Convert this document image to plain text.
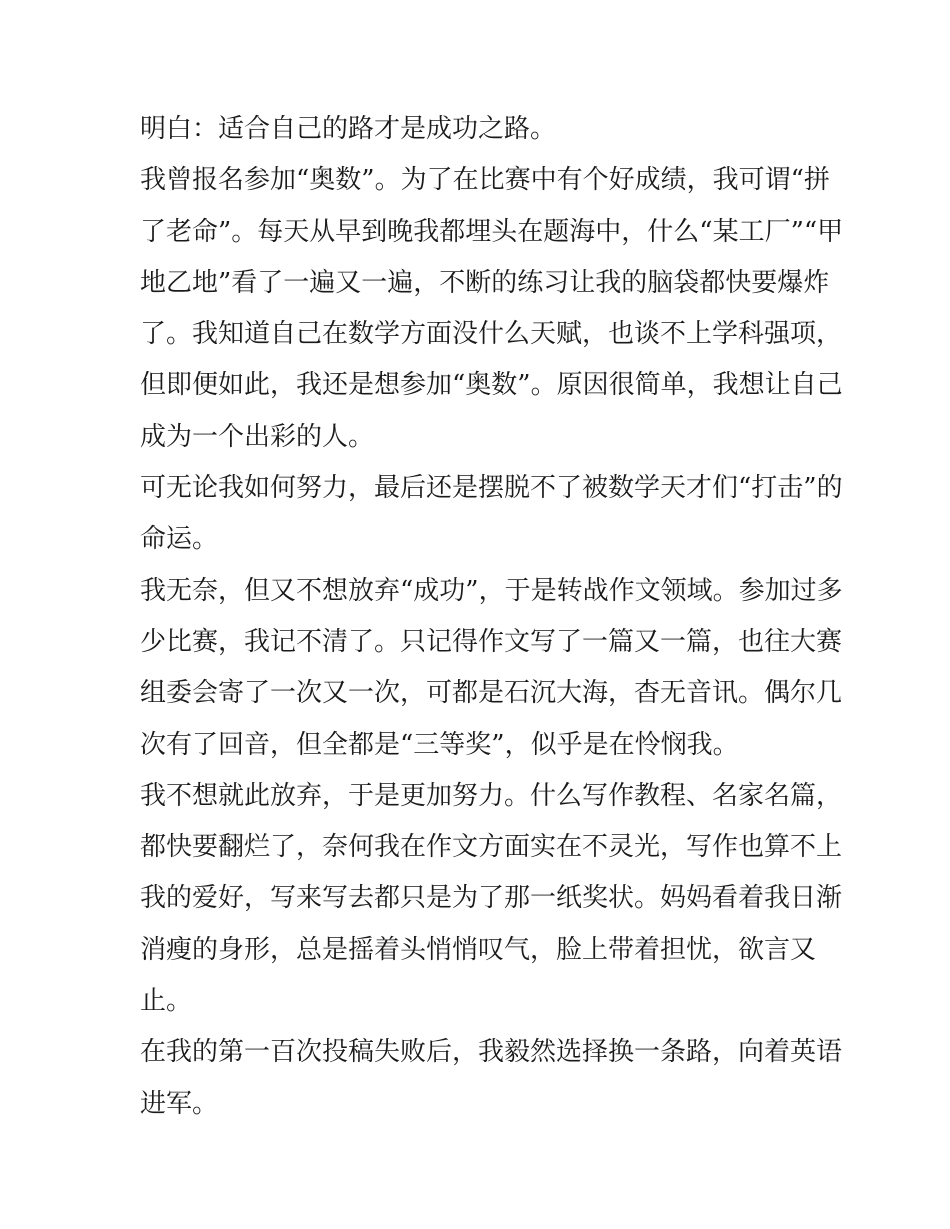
明白：适合自己的路才是成功之路。
我曾报名参加“奥数”。为了在比赛中有个好成绩，我可谓“拼
了老命”。每天从早到晚我都埋头在题海中，什么“某工厂”“甲
地乙地”看了一遍又一遍，不断的练习让我的脑袋都快要爆炸
了。我知道自己在数学方面没什么天赋，也谈不上学科强项，
但即便如此，我还是想参加“奥数”。原因很简单，我想让自己
成为一个出彩的人。
可无论我如何努力，最后还是摆脱不了被数学天才们“打击”的
命运。
我无奈，但又不想放弃“成功”，于是转战作文领域。参加过多
少比赛，我记不清了。只记得作文写了一篇又一篇，也往大赛
组委会寄了一次又一次，可都是石沉大海，杳无音讯。偶尔几
次有了回音，但全都是“三等奖”，似乎是在怜悯我。
我不想就此放弃，于是更加努力。什么写作教程、名家名篇，
都快要翻烂了，奈何我在作文方面实在不灵光，写作也算不上
我的爱好，写来写去都只是为了那一纸奖状。妈妈看着我日渐
消瘦的身形，总是摇着头悄悄叹气，脸上带着担忧，欲言又
止。
在我的第一百次投稿失败后，我毅然选择换一条路，向着英语
进军。
